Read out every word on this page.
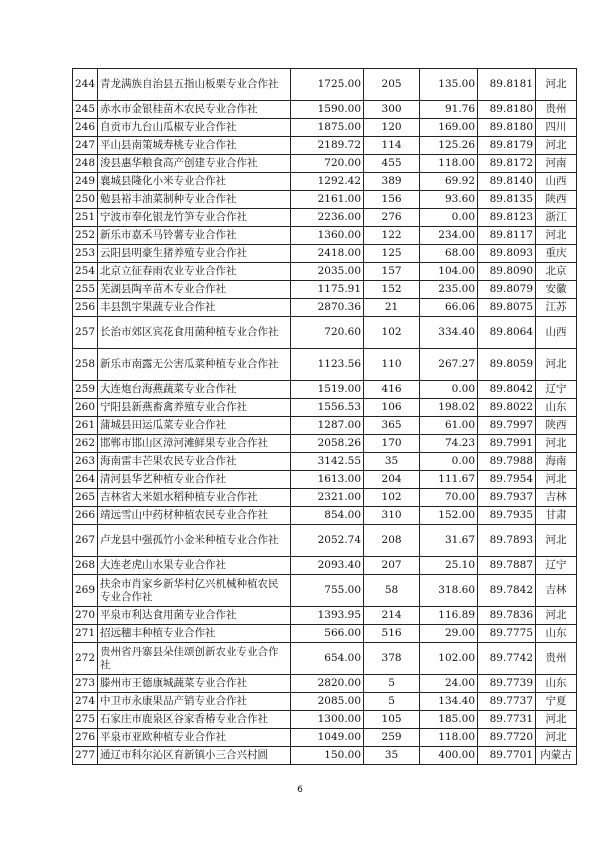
244	青龙满族自治县五指山板栗专业合作社	1725.00	205	135.00	89.8181	河北
245	赤水市金银桂苗木农民专业合作社	1590.00	300	91.76	89.8180	贵州
246	自贡市九台山瓜椒专业合作社	1875.00	120	169.00	89.8180	四川
247	平山县南策城寿桃专业合作社	2189.72	114	125.26	89.8179	河北
248	浚县惠华粮食高产创建专业合作社	720.00	455	118.00	89.8172	河南
249	襄城县隆化小米专业合作社	1292.42	389	69.92	89.8140	山西
250	勉县裕丰油菜制种专业合作社	2161.00	156	93.60	89.8135	陕西
251	宁波市奉化银龙竹笋专业合作社	2236.00	276	0.00	89.8123	浙江
252	新乐市嘉禾马铃薯专业合作社	1360.00	122	234.00	89.8117	河北
253	云阳县明豪生猪养殖专业合作社	2418.00	125	68.00	89.8093	重庆
254	北京立征春雨农业专业合作社	2035.00	157	104.00	89.8090	北京
255	芜湖县陶辛苗木专业合作社	1175.91	152	235.00	89.8079	安徽
256	丰县凯宇果蔬专业合作社	2870.36	21	66.06	89.8075	江苏
257	长治市郊区宾花食用菌种植专业合作社	720.60	102	334.40	89.8064	山西
258	新乐市南露无公害瓜菜种植专业合作社	1123.56	110	267.27	89.8059	河北
259	大连炮台海燕蔬菜专业合作社	1519.00	416	0.00	89.8042	辽宁
260	宁阳县新燕畜禽养殖专业合作社	1556.53	106	198.02	89.8022	山东
261	蒲城县田运瓜菜专业合作社	1287.00	365	61.00	89.7997	陕西
262	邯郸市邯山区漳河滩鲜果专业合作社	2058.26	170	74.23	89.7991	河北
263	海南雷丰芒果农民专业合作社	3142.55	35	0.00	89.7988	海南
264	清河县华艺种植专业合作社	1613.00	204	111.67	89.7954	河北
265	吉林省大米姐水稻种植专业合作社	2321.00	102	70.00	89.7937	吉林
266	靖远雪山中药材种植农民专业合作社	854.00	310	152.00	89.7935	甘肃
267	卢龙县中强孤竹小金米种植专业合作社	2052.74	208	31.67	89.7893	河北
268	大连老虎山水果专业合作社	2093.40	207	25.10	89.7887	辽宁
269	扶余市肖家乡新华村亿兴机械种植农民专业合作社	755.00	58	318.60	89.7842	吉林
270	平泉市利达食用菌专业合作社	1393.95	214	116.89	89.7836	河北
271	招远穗丰种植专业合作社	566.00	516	29.00	89.7775	山东
272	贵州省丹寨县朵佳颂创新农业专业合作社	654.00	378	102.00	89.7742	贵州
273	滕州市王德康城蔬菜专业合作社	2820.00	5	24.00	89.7739	山东
274	中卫市永康果品产销专业合作社	2085.00	5	134.40	89.7737	宁夏
275	石家庄市鹿泉区谷家香椿专业合作社	1300.00	105	185.00	89.7731	河北
276	平泉市亚欧种植专业合作社	1049.00	259	118.00	89.7720	河北
277	通辽市科尔沁区育新镇小三合兴村圆	150.00	35	400.00	89.7701	内蒙古
6
